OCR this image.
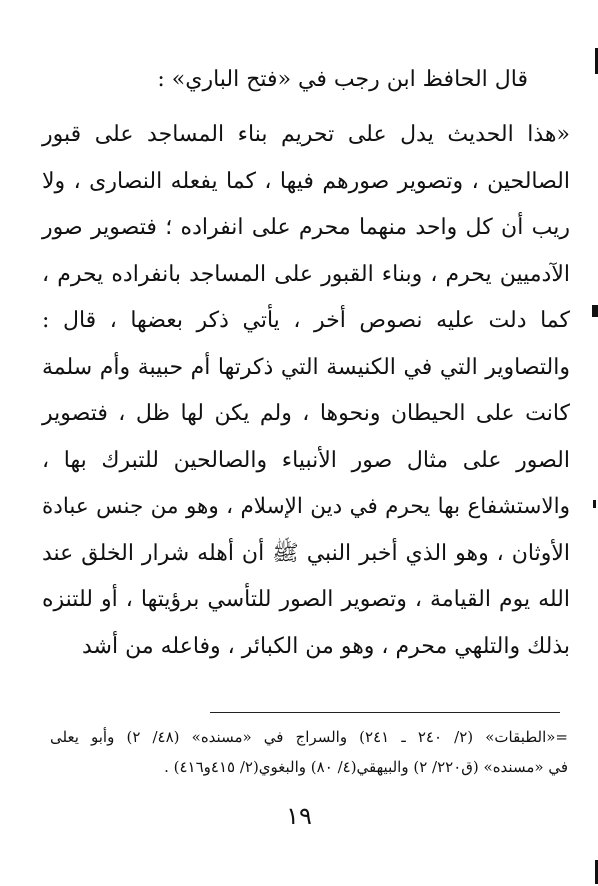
قال الحافظ ابن رجب في «فتح الباري» :
«هذا الحديث يدل على تحريم بناء المساجد على قبور
الصالحين ، وتصوير صورهم فيها ، كما يفعله النصارى ، ولا
ريب أن كل واحد منهما محرم على انفراده ؛ فتصوير صور
الآدميين يحرم ، وبناء القبور على المساجد بانفراده يحرم ،
كما دلت عليه نصوص أخر ، يأتي ذكر بعضها ، قال :
والتصاوير التي في الكنيسة التي ذكرتها أم حبيبة وأم سلمة
كانت على الحيطان ونحوها ، ولم يكن لها ظل ، فتصوير
الصور على مثال صور الأنبياء والصالحين للتبرك بها ،
والاستشفاع بها يحرم في دين الإسلام ، وهو من جنس عبادة
الأوثان ، وهو الذي أخبر النبي ﷺ أن أهله شرار الخلق عند
الله يوم القيامة ، وتصوير الصور للتأسي برؤيتها ، أو للتنزه
بذلك والتلهي محرم ، وهو من الكبائر ، وفاعله من أشد
=«الطبقات» (٢/ ٢٤٠ ـ ٢٤١) والسراج في «مسنده» (٤٨/ ٢) وأبو يعلى
في «مسنده» (ق٢٢٠/ ٢) والبيهقي(٤/ ٨٠) والبغوي(٢/ ٤١٥و٤١٦) .
١٩
